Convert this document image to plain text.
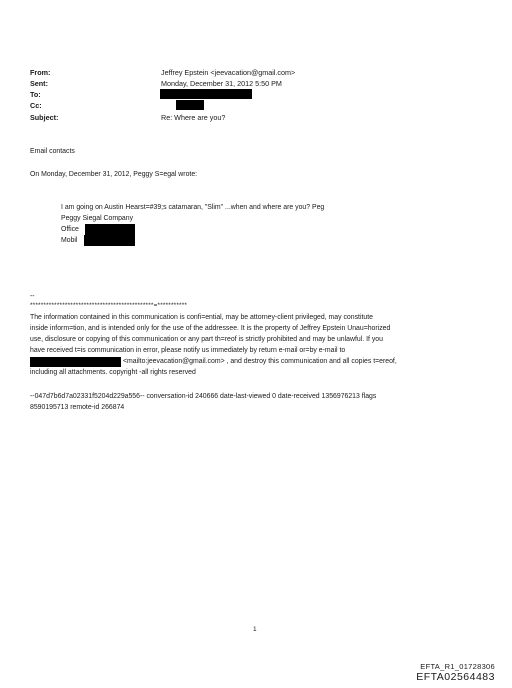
From:	Jeffrey Epstein <jeevacation@gmail.com>
Sent:	Monday, December 31, 2012 5:50 PM
To:
Cc:
Subject:	Re: Where are you?
Email contacts
On Monday, December 31, 2012, Peggy S=egal wrote:
I am going on Austin Hearst=#39;s catamaran, "Slim" ...when and where are you? Peg
Peggy Siegal Company
Office
Mobil
--
**********************************************=***********
The information contained in this communication is confi=ential, may be attorney-client privileged, may constitute
inside inform=tion, and is intended only for the use of the addressee. It is the property of Jeffrey Epstein Unau=horized
use, disclosure or copying of this communication or any part th=reof is strictly prohibited and may be unlawful. If you
have received t=is communication in error, please notify us immediately by return e-mail or=by e-mail to
<mailto:jeevacation@gmail.com> , and destroy this communication and all copies t=ereof,
including all attachments. copyright -all rights reserved
--047d7b6d7a02331f5204d229a556-- conversation-id 240666 date-last-viewed 0 date-received 1356976213 flags
8590195713 remote-id 266874
1
EFTA_R1_01728306
EFTA02564483
